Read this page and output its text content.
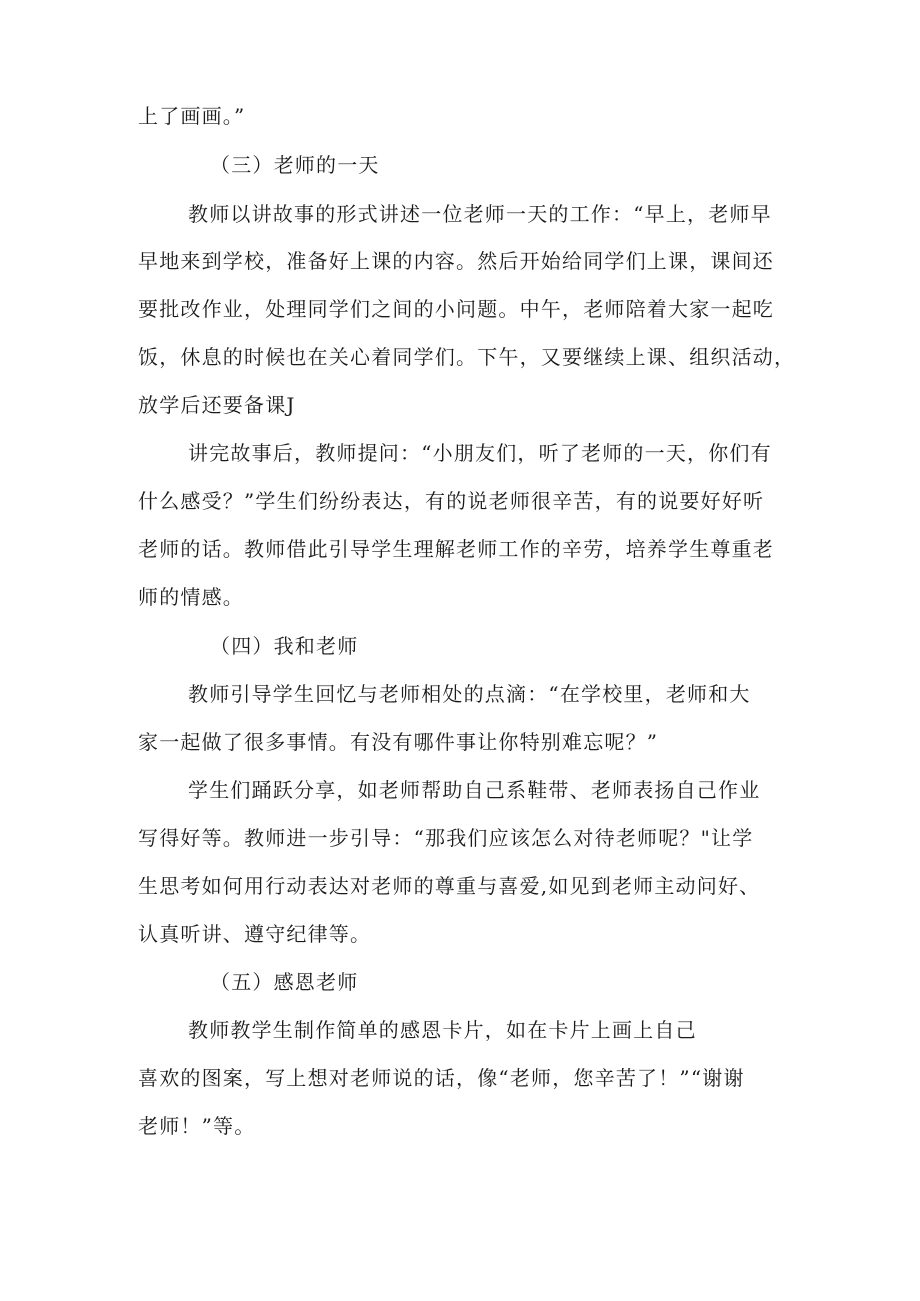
上了画画。”
（三）老师的一天
教师以讲故事的形式讲述一位老师一天的工作：“早上，老师早
早地来到学校，准备好上课的内容。然后开始给同学们上课，课间还
要批改作业，处理同学们之间的小问题。中午，老师陪着大家一起吃
饭，休息的时候也在关心着同学们。下午，又要继续上课、组织活动，
放学后还要备课J
讲完故事后，教师提问：“小朋友们，听了老师的一天，你们有
什么感受？”学生们纷纷表达，有的说老师很辛苦，有的说要好好听
老师的话。教师借此引导学生理解老师工作的辛劳，培养学生尊重老
师的情感。
（四）我和老师
教师引导学生回忆与老师相处的点滴：“在学校里，老师和大
家一起做了很多事情。有没有哪件事让你特别难忘呢？”
学生们踊跃分享，如老师帮助自己系鞋带、老师表扬自己作业
写得好等。教师进一步引导：“那我们应该怎么对待老师呢？"让学
生思考如何用行动表达对老师的尊重与喜爱,如见到老师主动问好、
认真听讲、遵守纪律等。
（五）感恩老师
教师教学生制作简单的感恩卡片，如在卡片上画上自己
喜欢的图案，写上想对老师说的话，像“老师，您辛苦了！”“谢谢
老师！”等。
